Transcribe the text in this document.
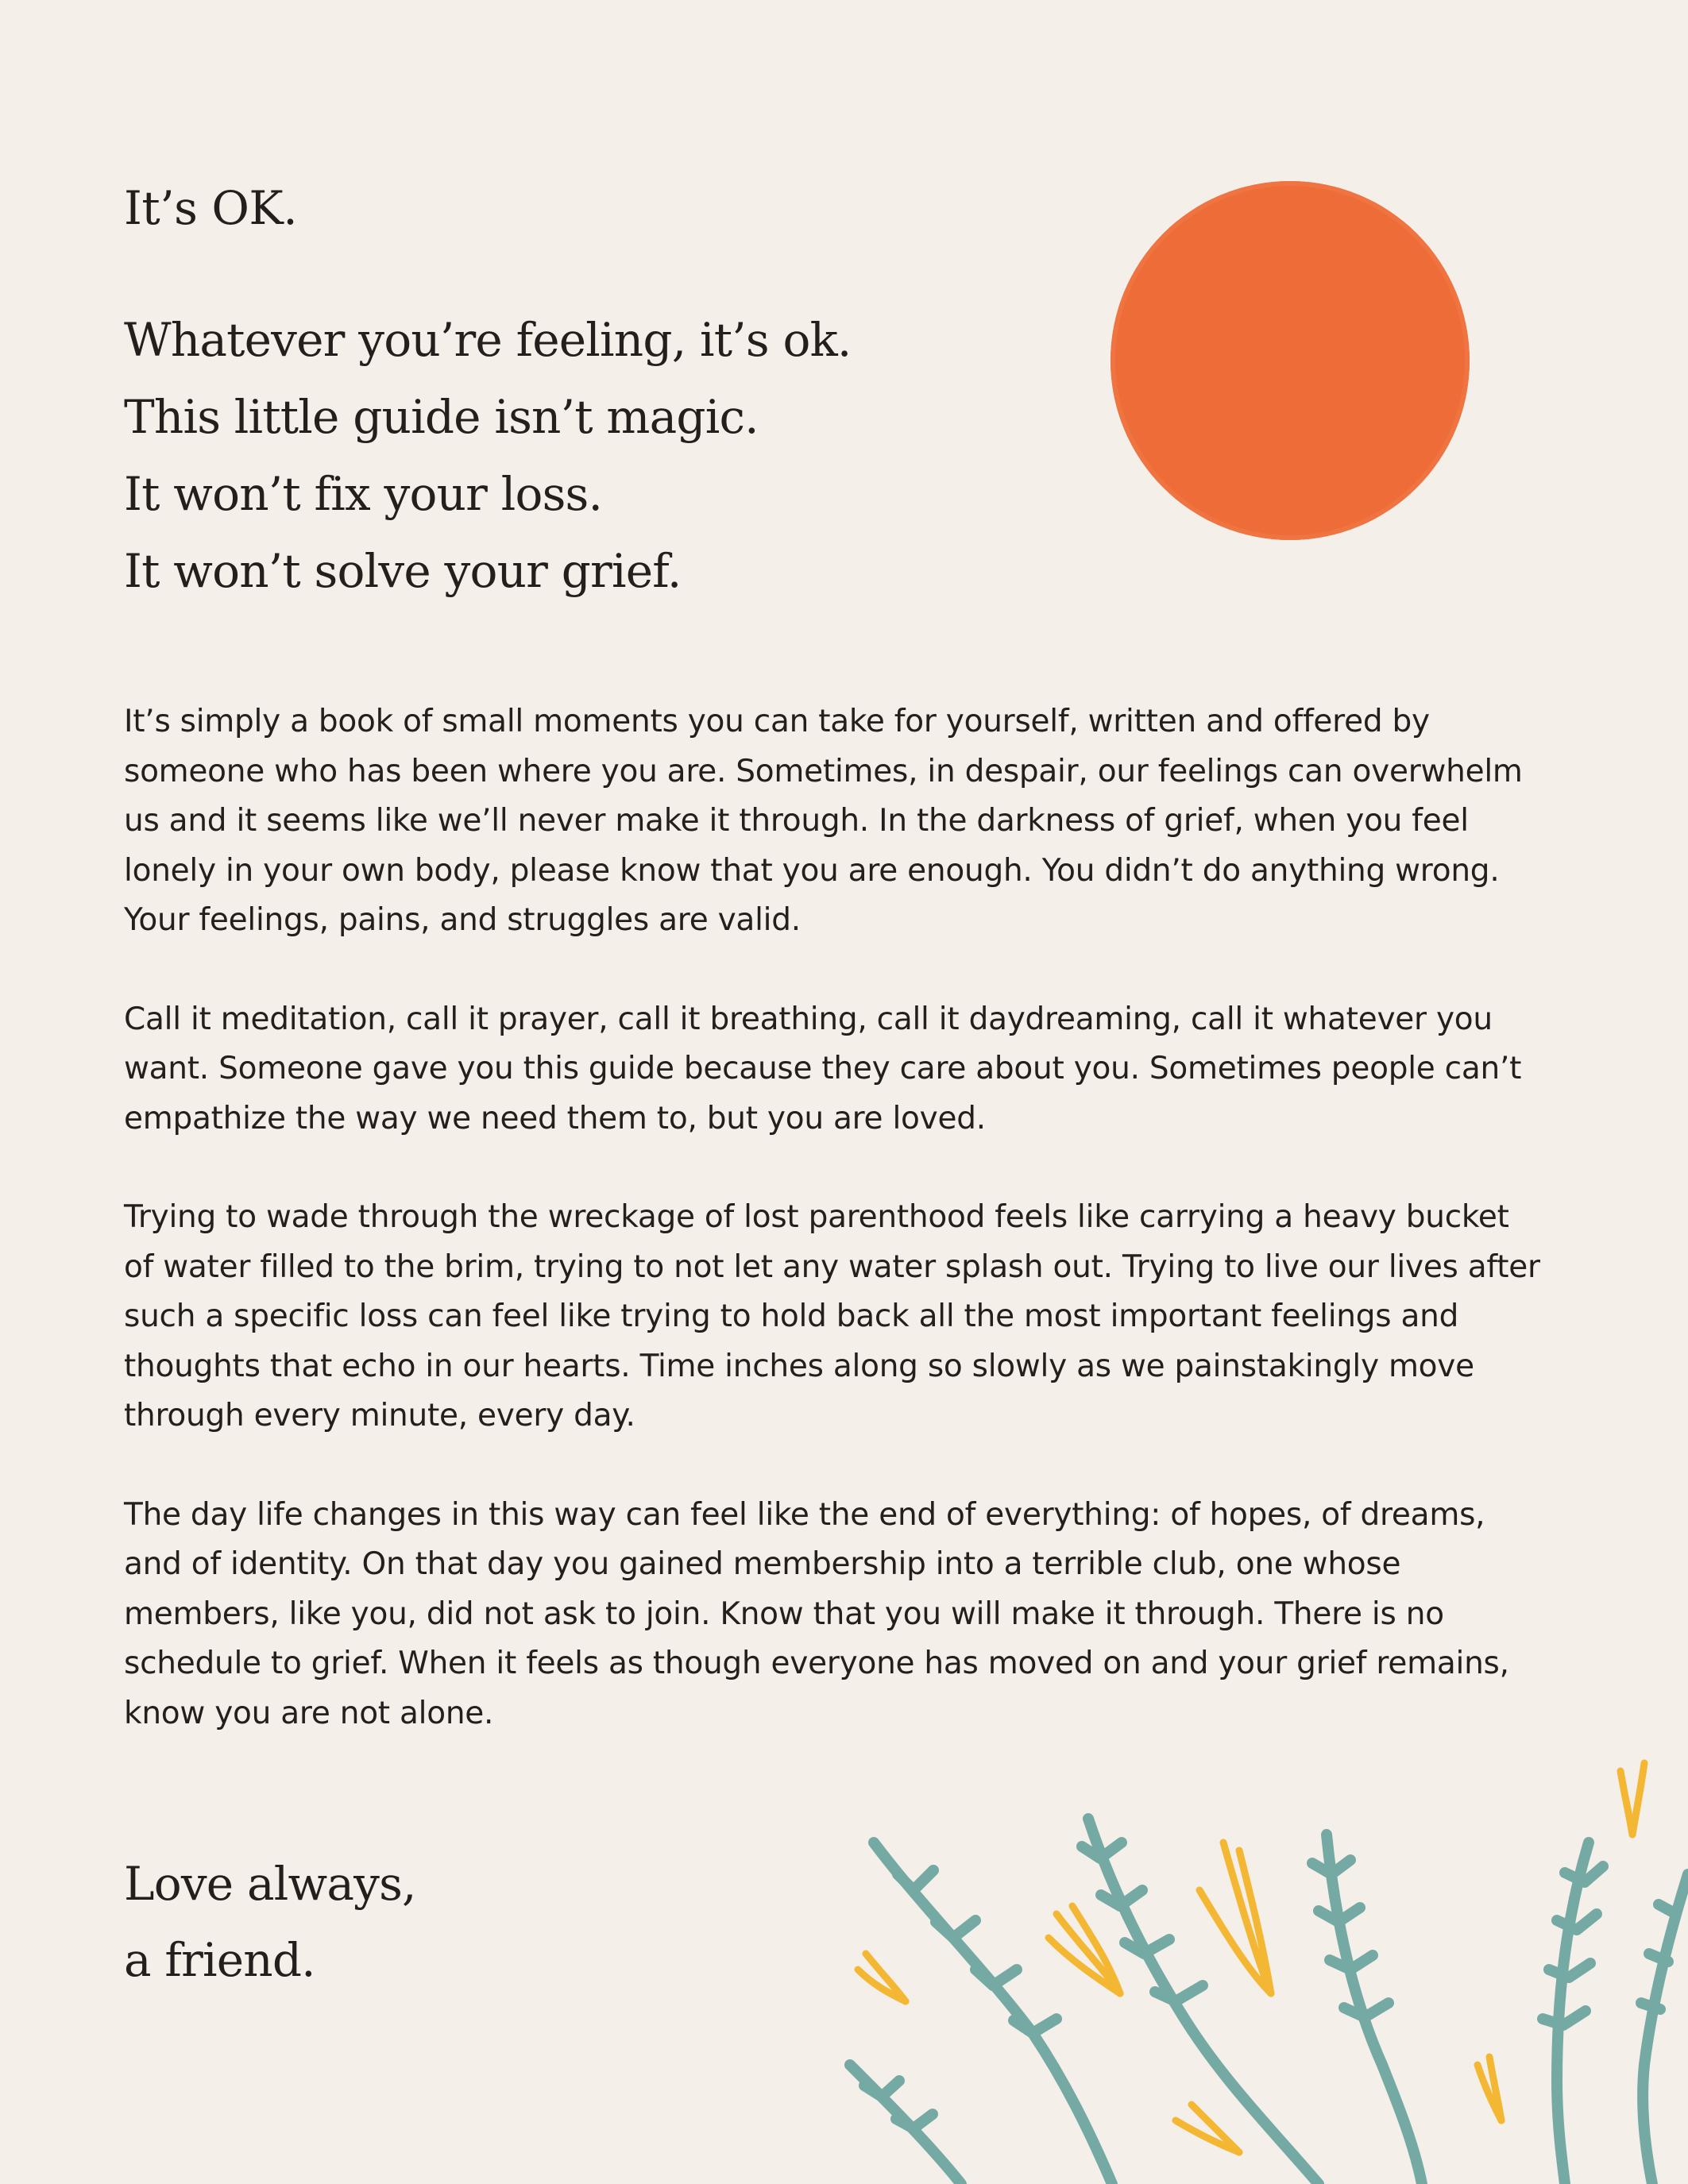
It’s OK.
Whatever you’re feeling, it’s ok.
This little guide isn’t magic.
It won’t fix your loss.
It won’t solve your grief.

It’s simply a book of small moments you can take for yourself, written and offered by someone who has been where you are. Sometimes, in despair, our feelings can overwhelm us and it seems like we’ll never make it through. In the darkness of grief, when you feel lonely in your own body, please know that you are enough. You didn’t do anything wrong. Your feelings, pains, and struggles are valid.

Call it meditation, call it prayer, call it breathing, call it daydreaming, call it whatever you want. Someone gave you this guide because they care about you. Sometimes people can’t empathize the way we need them to, but you are loved.

Trying to wade through the wreckage of lost parenthood feels like carrying a heavy bucket of water filled to the brim, trying to not let any water splash out. Trying to live our lives after such a specific loss can feel like trying to hold back all the most important feelings and thoughts that echo in our hearts. Time inches along so slowly as we painstakingly move through every minute, every day.

The day life changes in this way can feel like the end of everything: of hopes, of dreams, and of identity. On that day you gained membership into a terrible club, one whose members, like you, did not ask to join. Know that you will make it through. There is no schedule to grief. When it feels as though everyone has moved on and your grief remains, know you are not alone.

Love always,
a friend.
